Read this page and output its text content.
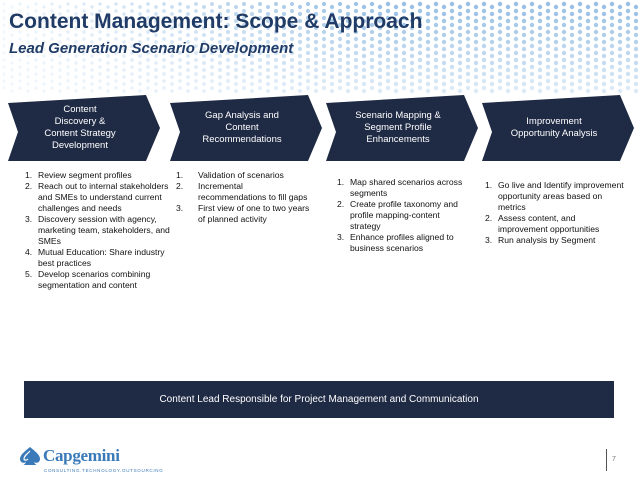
Content Management: Scope & Approach
Lead Generation Scenario Development
Content
Discovery &
Content Strategy
Development
Gap Analysis and
Content
Recommendations
Scenario Mapping &
Segment Profile
Enhancements
Improvement
Opportunity Analysis
1. Review segment profiles
2. Reach out to internal stakeholders and SMEs to understand current challenges and needs
3. Discovery session with agency, marketing team, stakeholders, and SMEs
4. Mutual Education: Share industry best practices
5. Develop scenarios combining segmentation and content
1. Validation of scenarios
2. Incremental recommendations to fill gaps
3. First view of one to two years of planned activity
1. Map shared scenarios across segments
2. Create profile taxonomy and profile mapping-content strategy
3. Enhance profiles aligned to business scenarios
1. Go live and Identify improvement opportunity areas based on metrics
2. Assess content, and improvement opportunities
3. Run analysis by Segment
Content Lead Responsible for Project Management and Communication
Capgemini
CONSULTING.TECHNOLOGY.OUTSOURCING
7
